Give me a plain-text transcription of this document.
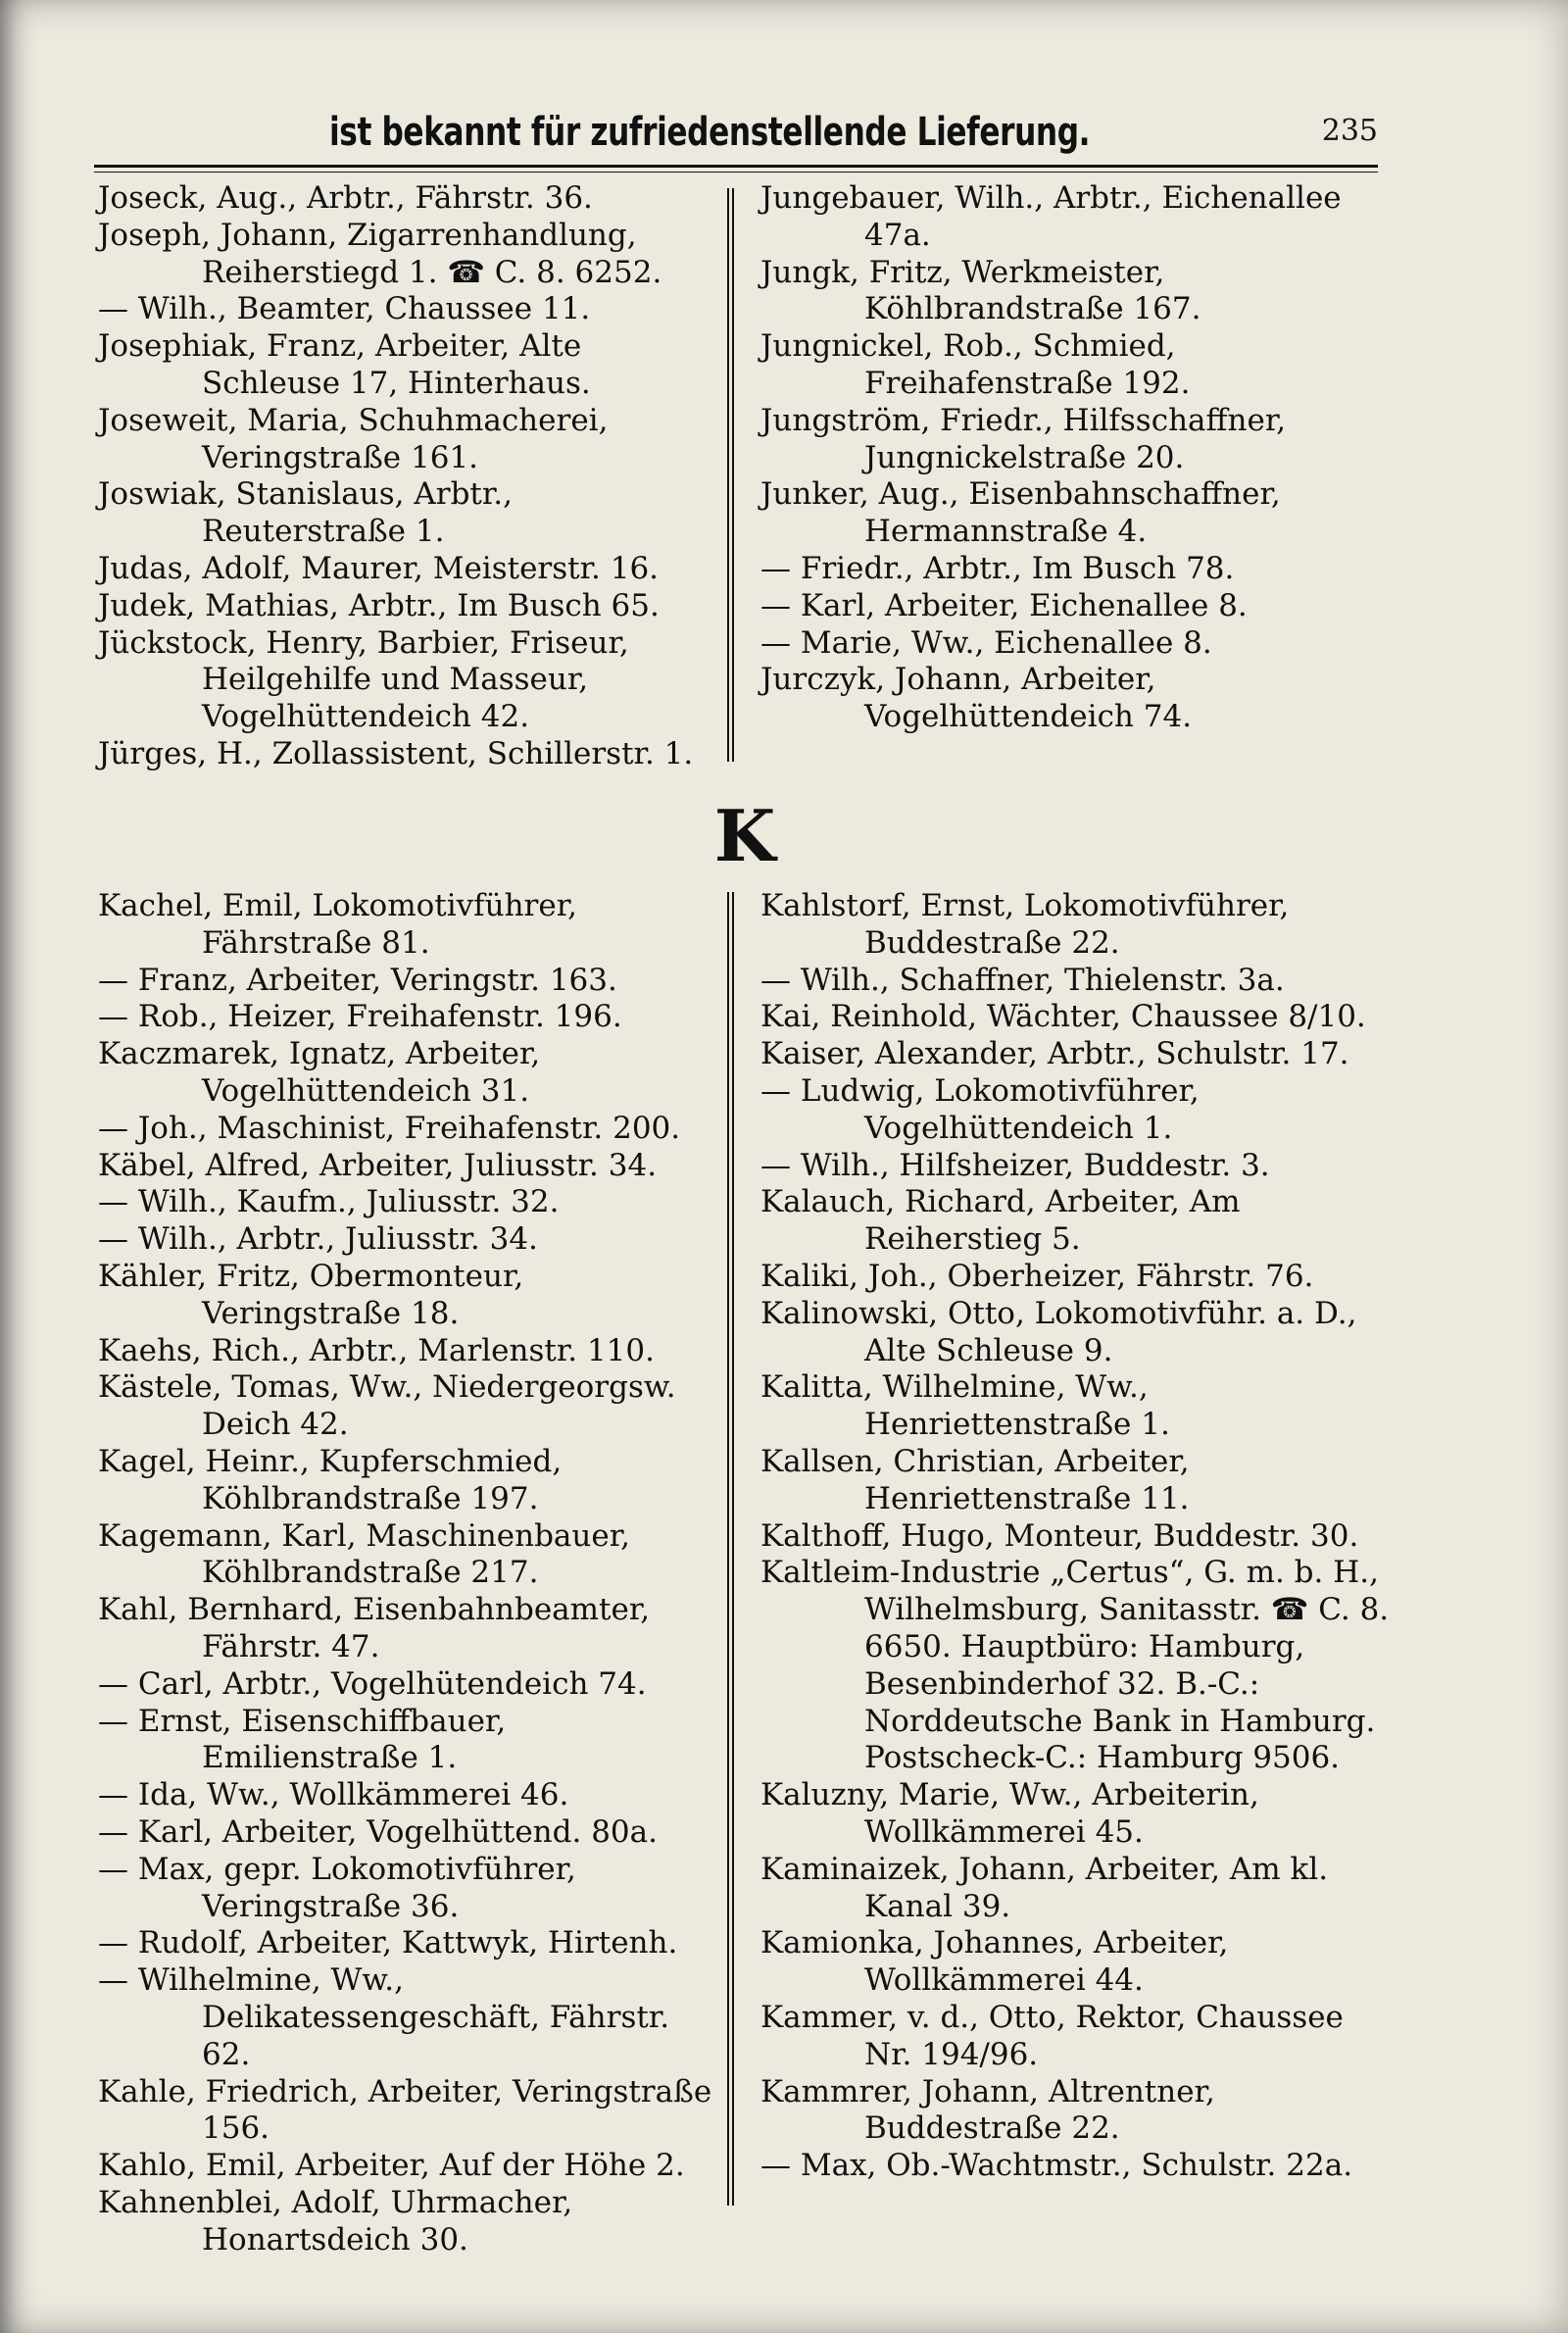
ist bekannt für zufriedenstellende Lieferung.	235

Joseck, Aug., Arbtr., Fährstr. 36.

Joseph, Johann, Zigarrenhandlung, Reiherstiegd 1. ☎ C. 8. 6252.

— Wilh., Beamter, Chaussee 11.

Josephiak, Franz, Arbeiter, Alte Schleuse 17, Hinterhaus.

Joseweit, Maria, Schuhmacherei, Veringstraße 161.

Joswiak, Stanislaus, Arbtr., Reuterstraße 1.

Judas, Adolf, Maurer, Meisterstr. 16.

Judek, Mathias, Arbtr., Im Busch 65.

Jückstock, Henry, Barbier, Friseur, Heilgehilfe und Masseur, Vogelhüttendeich 42.

Jürges, H., Zollassistent, Schillerstr. 1.

Jungebauer, Wilh., Arbtr., Eichenallee 47a.

Jungk, Fritz, Werkmeister, Köhlbrandstraße 167.

Jungnickel, Rob., Schmied, Freihafenstraße 192.

Jungström, Friedr., Hilfsschaffner, Jungnickelstraße 20.

Junker, Aug., Eisenbahnschaffner, Hermannstraße 4.

— Friedr., Arbtr., Im Busch 78.

— Karl, Arbeiter, Eichenallee 8.

— Marie, Ww., Eichenallee 8.

Jurczyk, Johann, Arbeiter, Vogelhüttendeich 74.

K

Kachel, Emil, Lokomotivführer, Fährstraße 81.

— Franz, Arbeiter, Veringstr. 163.

— Rob., Heizer, Freihafenstr. 196.

Kaczmarek, Ignatz, Arbeiter, Vogelhüttendeich 31.

— Joh., Maschinist, Freihafenstr. 200.

Käbel, Alfred, Arbeiter, Juliusstr. 34.

— Wilh., Kaufm., Juliusstr. 32.

— Wilh., Arbtr., Juliusstr. 34.

Kähler, Fritz, Obermonteur, Veringstraße 18.

Kaehs, Rich., Arbtr., Marlenstr. 110.

Kästele, Tomas, Ww., Niedergeorgsw. Deich 42.

Kagel, Heinr., Kupferschmied, Köhlbrandstraße 197.

Kagemann, Karl, Maschinenbauer, Köhlbrandstraße 217.

Kahl, Bernhard, Eisenbahnbeamter, Fährstr. 47.

— Carl, Arbtr., Vogelhütendeich 74.

— Ernst, Eisenschiffbauer, Emilienstraße 1.

— Ida, Ww., Wollkämmerei 46.

— Karl, Arbeiter, Vogelhüttend. 80a.

— Max, gepr. Lokomotivführer, Veringstraße 36.

— Rudolf, Arbeiter, Kattwyk, Hirtenh.

— Wilhelmine, Ww., Delikatessengeschäft, Fährstr. 62.

Kahle, Friedrich, Arbeiter, Veringstraße 156.

Kahlo, Emil, Arbeiter, Auf der Höhe 2.

Kahnenblei, Adolf, Uhrmacher, Honartsdeich 30.

Kahlstorf, Ernst, Lokomotivführer, Buddestraße 22.

— Wilh., Schaffner, Thielenstr. 3a.

Kai, Reinhold, Wächter, Chaussee 8/10.

Kaiser, Alexander, Arbtr., Schulstr. 17.

— Ludwig, Lokomotivführer, Vogelhüttendeich 1.

— Wilh., Hilfsheizer, Buddestr. 3.

Kalauch, Richard, Arbeiter, Am Reiherstieg 5.

Kaliki, Joh., Oberheizer, Fährstr. 76.

Kalinowski, Otto, Lokomotivführ. a. D., Alte Schleuse 9.

Kalitta, Wilhelmine, Ww., Henriettenstraße 1.

Kallsen, Christian, Arbeiter, Henriettenstraße 11.

Kalthoff, Hugo, Monteur, Buddestr. 30.

Kaltleim-Industrie „Certus“, G. m. b. H., Wilhelmsburg, Sanitasstr. ☎ C. 8. 6650. Hauptbüro: Hamburg, Besenbinderhof 32. B.-C.: Norddeutsche Bank in Hamburg. Postscheck-C.: Hamburg 9506.

Kaluzny, Marie, Ww., Arbeiterin, Wollkämmerei 45.

Kaminaizek, Johann, Arbeiter, Am kl. Kanal 39.

Kamionka, Johannes, Arbeiter, Wollkämmerei 44.

Kammer, v. d., Otto, Rektor, Chaussee Nr. 194/96.

Kammrer, Johann, Altrentner, Buddestraße 22.

— Max, Ob.-Wachtmstr., Schulstr. 22a.
